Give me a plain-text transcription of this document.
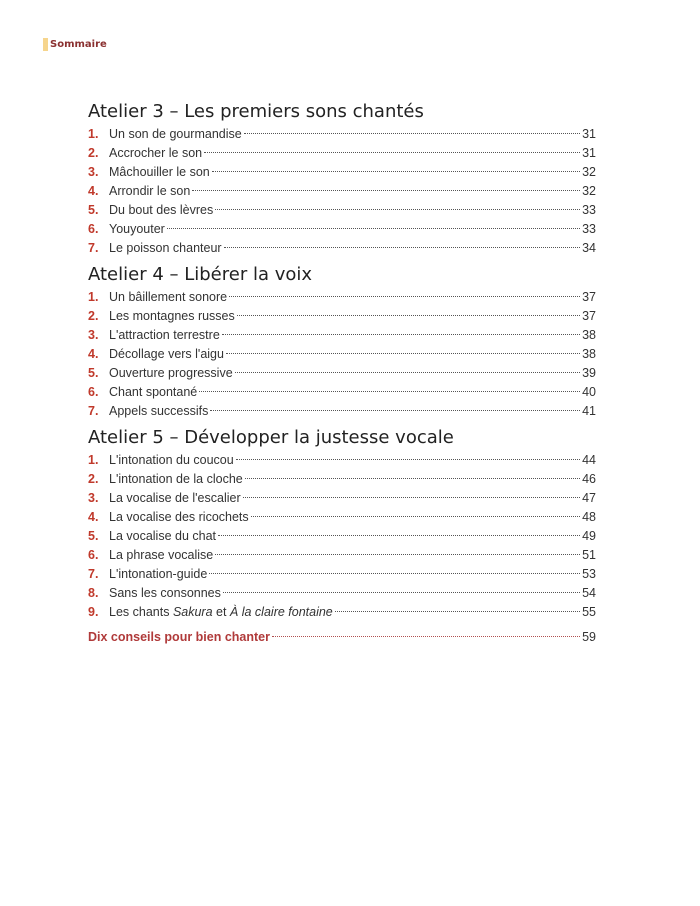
Sommaire
Atelier 3 – Les premiers sons chantés
1. Un son de gourmandise	31
2. Accrocher le son	31
3. Mâchouiller le son	32
4. Arrondir le son	32
5. Du bout des lèvres	33
6. Youyouter	33
7. Le poisson chanteur	34
Atelier 4 – Libérer la voix
1. Un bâillement sonore	37
2. Les montagnes russes	37
3. L'attraction terrestre	38
4. Décollage vers l'aigu	38
5. Ouverture progressive	39
6. Chant spontané	40
7. Appels successifs	41
Atelier 5 – Développer la justesse vocale
1. L'intonation du coucou	44
2. L'intonation de la cloche	46
3. La vocalise de l'escalier	47
4. La vocalise des ricochets	48
5. La vocalise du chat	49
6. La phrase vocalise	51
7. L'intonation-guide	53
8. Sans les consonnes	54
9. Les chants Sakura et À la claire fontaine	55
Dix conseils pour bien chanter	59
